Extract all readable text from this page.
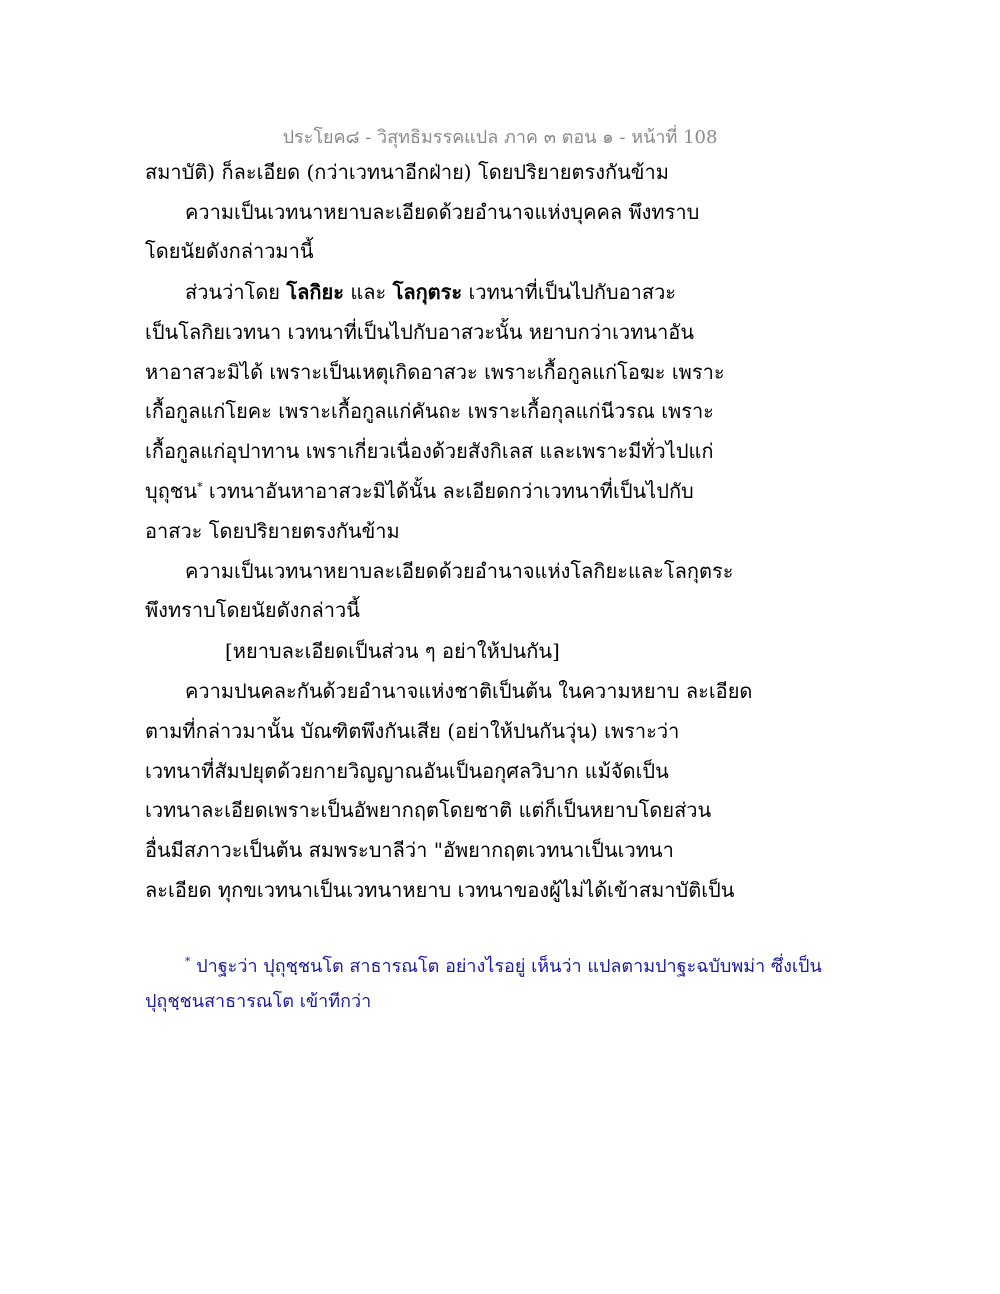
ประโยค๘ - วิสุทธิมรรคแปล ภาค ๓ ตอน ๑ - หน้าที่ 108
สมาบัติ) ก็ละเอียด (กว่าเวทนาอีกฝ่าย) โดยปริยายตรงกันข้าม
ความเป็นเวทนาหยาบละเอียดด้วยอำนาจแห่งบุคคล พึงทราบ
โดยนัยดังกล่าวมานี้
ส่วนว่าโดย โลกิยะ และ โลกุตระ เวทนาที่เป็นไปกับอาสวะ
เป็นโลกิยเวทนา เวทนาที่เป็นไปกับอาสวะนั้น หยาบกว่าเวทนาอัน
หาอาสวะมิได้ เพราะเป็นเหตุเกิดอาสวะ เพราะเกื้อกูลแก่โอฆะ เพราะ
เกื้อกูลแก่โยคะ เพราะเกื้อกูลแก่คันถะ เพราะเกื้อกุลแก่นีวรณ เพราะ
เกื้อกูลแก่อุปาทาน เพราเกี่ยวเนื่องด้วยสังกิเลส และเพราะมีทั่วไปแก่
บุถุชน* เวทนาอันหาอาสวะมิได้นั้น ละเอียดกว่าเวทนาที่เป็นไปกับ
อาสวะ โดยปริยายตรงกันข้าม
ความเป็นเวทนาหยาบละเอียดด้วยอำนาจแห่งโลกิยะและโลกุตระ
พึงทราบโดยนัยดังกล่าวนี้
[หยาบละเอียดเป็นส่วน ๆ อย่าให้ปนกัน]
ความปนคละกันด้วยอำนาจแห่งชาติเป็นต้น ในความหยาบ ละเอียด
ตามที่กล่าวมานั้น บัณฑิตพึงกันเสีย (อย่าให้ปนกันวุ่น) เพราะว่า
เวทนาที่สัมปยุตด้วยกายวิญญาณอันเป็นอกุศลวิบาก แม้จัดเป็น
เวทนาละเอียดเพราะเป็นอัพยากฤตโดยชาติ แต่ก็เป็นหยาบโดยส่วน
อื่นมีสภาวะเป็นต้น สมพระบาลีว่า "อัพยากฤตเวทนาเป็นเวทนา
ละเอียด ทุกขเวทนาเป็นเวทนาหยาบ เวทนาของผู้ไม่ได้เข้าสมาบัติเป็น
* ปาฐะว่า ปุถุชฺชนโต สาธารณโต อย่างไรอยู่ เห็นว่า แปลตามปาฐะฉบับพม่า ซึ่งเป็น
ปุถุชฺชนสาธารณโต เข้าทีกว่า
